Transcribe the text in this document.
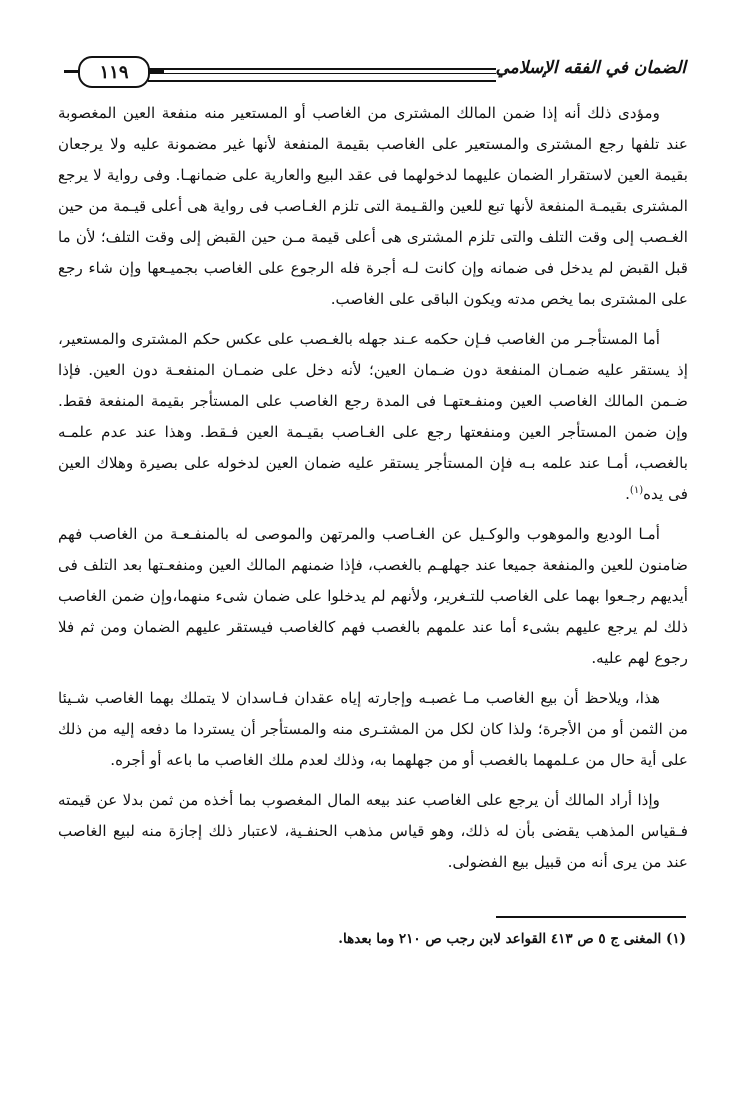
الضمان في الفقه الإسلامي
١١٩

ومؤدى ذلك أنه إذا ضمن المالك المشترى من الغاصب أو المستعير منه منفعة العين المغصوبة عند تلفها رجع المشترى والمستعير على الغاصب بقيمة المنفعة لأنها غير مضمونة عليه ولا يرجعان بقيمة العين لاستقرار الضمان عليهما لدخولهما فى عقد البيع والعارية على ضمانهـا. وفى رواية لا يرجع المشترى بقيمـة المنفعة لأنها تبع للعين والقـيمة التى تلزم الغـاصب فى رواية هى أعلى قيـمة من حين الغـصب إلى وقت التلف والتى تلزم المشترى هى أعلى قيمة مـن حين القبض إلى وقت التلف؛ لأن ما قبل القبض لم يدخل فى ضمانه وإن كانت لـه أجرة فله الرجوع على الغاصب بجميـعها وإن شاء رجع على المشترى بما يخص مدته ويكون الباقى على الغاصب.

أما المستأجـر من الغاصب فـإن حكمه عـند جهله بالغـصب على عكس حكم المشترى والمستعير، إذ يستقر عليه ضمـان المنفعة دون ضـمان العين؛ لأنه دخل على ضمـان المنفعـة دون العين. فإذا ضـمن المالك الغاصب العين ومنفـعتهـا فى المدة رجع الغاصب على المستأجر بقيمة المنفعة فقط. وإن ضمن المستأجر العين ومنفعتها رجع على الغـاصب بقيـمة العين فـقط. وهذا عند عدم علمـه بالغصب، أمـا عند علمه بـه فإن المستأجر يستقر عليه ضمان العين لدخوله على بصيرة وهلاك العين فى يده$^{(١)}$.

أمـا الوديع والموهوب والوكـيل عن الغـاصب والمرتهن والموصى له بالمنفـعـة من الغاصب فهم ضامنون للعين والمنفعة جميعا عند جهلهـم بالغصب، فإذا ضمنهم المالك العين ومنفعـتها بعد التلف فى أيديهم رجـعوا بهما على الغاصب للتـغرير، ولأنهم لم يدخلوا على ضمان شىء منهما،وإن ضمن الغاصب ذلك لم يرجع عليهم بشىء أما عند علمهم بالغصب فهم كالغاصب فيستقر عليهم الضمان ومن ثم فلا رجوع لهم عليه.

هذا، ويلاحظ أن بيع الغاصب مـا غصبـه وإجارته إياه عقدان فـاسدان لا يتملك بهما الغاصب شـيئا من الثمن أو من الأجرة؛ ولذا كان لكل من المشتـرى منه والمستأجر أن يستردا ما دفعه إليه من ذلك على أية حال من عـلمهما بالغصب أو من جهلهما به، وذلك لعدم ملك الغاصب ما باعه أو أجره.

وإذا أراد المالك أن يرجع على الغاصب عند بيعه المال المغصوب بما أخذه من ثمن بدلا عن قيمته فـقياس المذهب يقضى بأن له ذلك، وهو قياس مذهب الحنفـية، لاعتبار ذلك إجازة منه لبيع الغاصب عند من يرى أنه من قبيل بيع الفضولى.

(١) المغنى ج ٥ ص ٤١٣ القواعد لابن رجب ص ٢١٠ وما بعدها.
